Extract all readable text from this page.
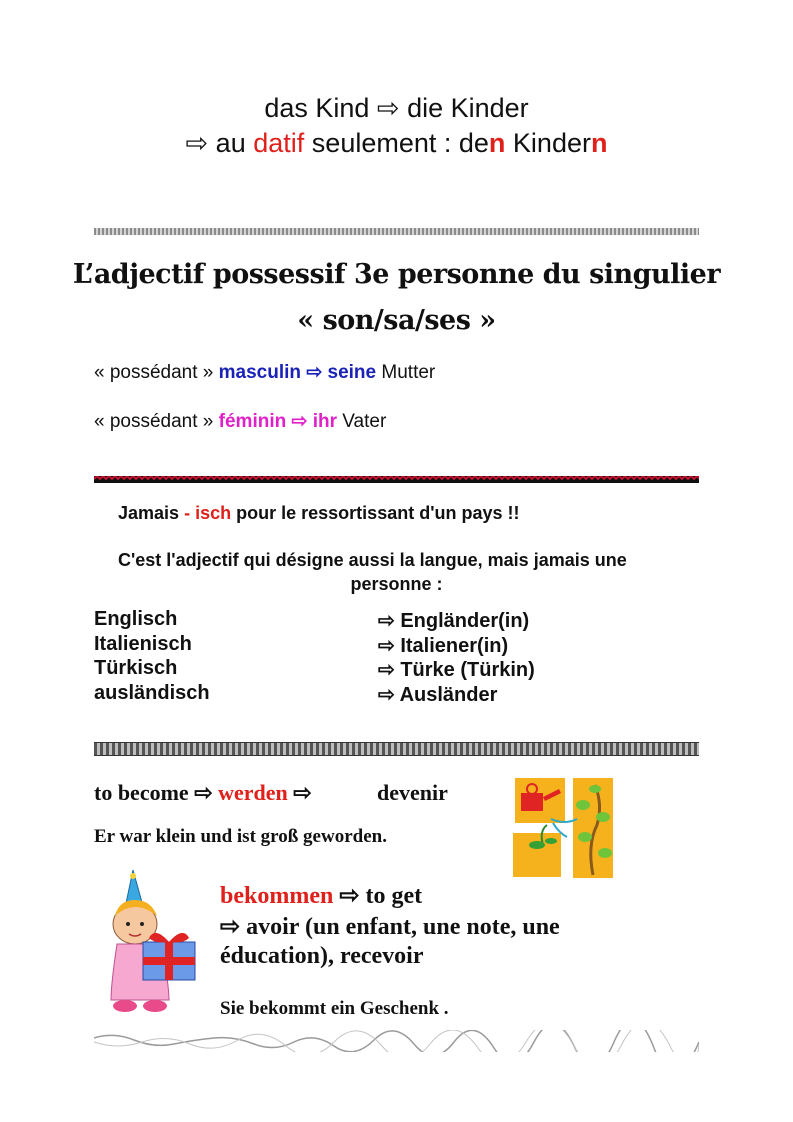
das Kind ⇨ die Kinder
⇨ au datif seulement : den Kindern
L’adjectif possessif 3e personne du singulier
« son/sa/ses »
« possédant » masculin ⇨ seine Mutter
« possédant » féminin ⇨ ihr Vater
Jamais - isch pour le ressortissant d'un pays !!
C'est l'adjectif qui désigne aussi la langue, mais jamais une
personne :
Englisch	⇨ Engländer(in)
Italienisch	⇨ Italiener(in)
Türkisch	⇨ Türke (Türkin)
ausländisch	⇨ Ausländer
to become ⇨ werden ⇨	devenir
Er war klein und ist groß geworden.
bekommen ⇨ to get
⇨ avoir (un enfant, une note, une
éducation), recevoir
Sie bekommt ein Geschenk .
